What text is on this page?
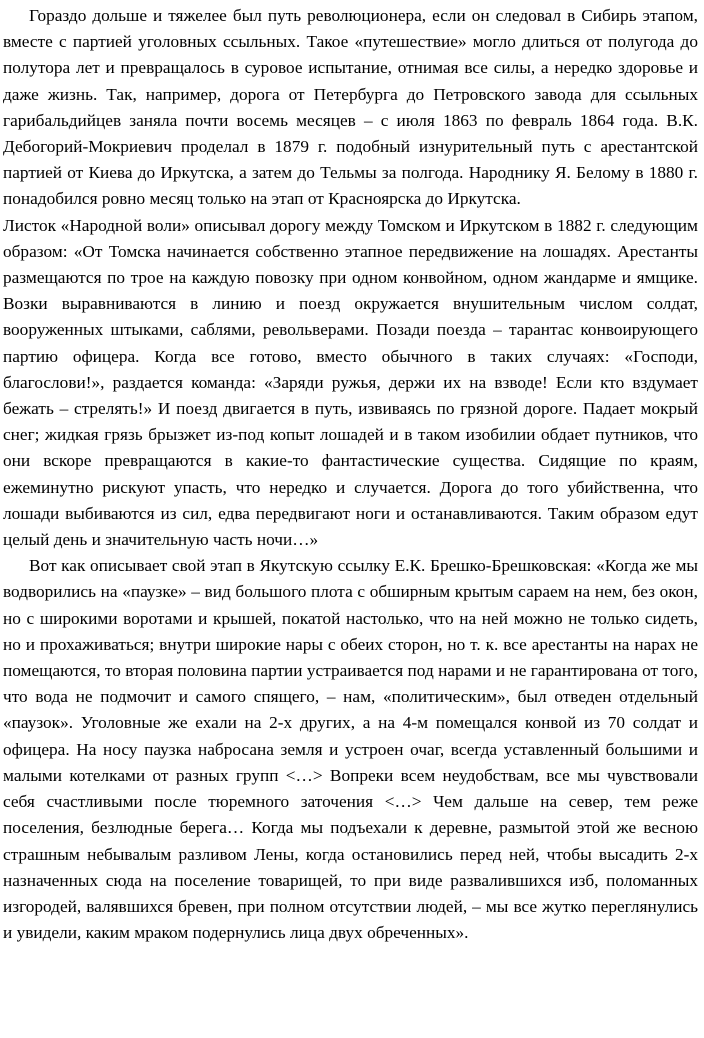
Гораздо дольше и тяжелее был путь революционера, если он следовал в Сибирь этапом, вместе с партией уголовных ссыльных. Такое «путешествие» могло длиться от полугода до полутора лет и превращалось в суровое испытание, отнимая все силы, а нередко здоровье и даже жизнь. Так, например, дорога от Петербурга до Петровского завода для ссыльных гарибальдийцев заняла почти восемь месяцев – с июля 1863 по февраль 1864 года. В.К. Дебогорий-Мокриевич проделал в 1879 г. подобный изнурительный путь с арестантской партией от Киева до Иркутска, а затем до Тельмы за полгода. Народнику Я. Белому в 1880 г. понадобился ровно месяц только на этап от Красноярска до Иркутска.

Листок «Народной воли» описывал дорогу между Томском и Иркутском в 1882 г. следующим образом: «От Томска начинается собственно этапное передвижение на лошадях. Арестанты размещаются по трое на каждую повозку при одном конвойном, одном жандарме и ямщике. Возки выравниваются в линию и поезд окружается внушительным числом солдат, вооруженных штыками, саблями, револьверами. Позади поезда – тарантас конвоирующего партию офицера. Когда все готово, вместо обычного в таких случаях: «Господи, благослови!», раздается команда: «Заряди ружья, держи их на взводе! Если кто вздумает бежать – стрелять!» И поезд двигается в путь, извиваясь по грязной дороге. Падает мокрый снег; жидкая грязь брызжет из-под копыт лошадей и в таком изобилии обдает путников, что они вскоре превращаются в какие-то фантастические существа. Сидящие по краям, ежеминутно рискуют упасть, что нередко и случается. Дорога до того убийственна, что лошади выбиваются из сил, едва передвигают ноги и останавливаются. Таким образом едут целый день и значительную часть ночи…»

Вот как описывает свой этап в Якутскую ссылку Е.К. Брешко-Брешковская: «Когда же мы водворились на «паузке» – вид большого плота с обширным крытым сараем на нем, без окон, но с широкими воротами и крышей, покатой настолько, что на ней можно не только сидеть, но и прохаживаться; внутри широкие нары с обеих сторон, но т. к. все арестанты на нарах не помещаются, то вторая половина партии устраивается под нарами и не гарантирована от того, что вода не подмочит и самого спящего, – нам, «политическим», был отведен отдельный «паузок». Уголовные же ехали на 2-х других, а на 4-м помещался конвой из 70 солдат и офицера. На носу паузка набросана земля и устроен очаг, всегда уставленный большими и малыми котелками от разных групп <…> Вопреки всем неудобствам, все мы чувствовали себя счастливыми после тюремного заточения <…> Чем дальше на север, тем реже поселения, безлюдные берега… Когда мы подъехали к деревне, размытой этой же весною страшным небывалым разливом Лены, когда остановились перед ней, чтобы высадить 2-х назначенных сюда на поселение товарищей, то при виде развалившихся изб, поломанных изгородей, валявшихся бревен, при полном отсутствии людей, – мы все жутко переглянулись и увидели, каким мраком подернулись лица двух обреченных».
